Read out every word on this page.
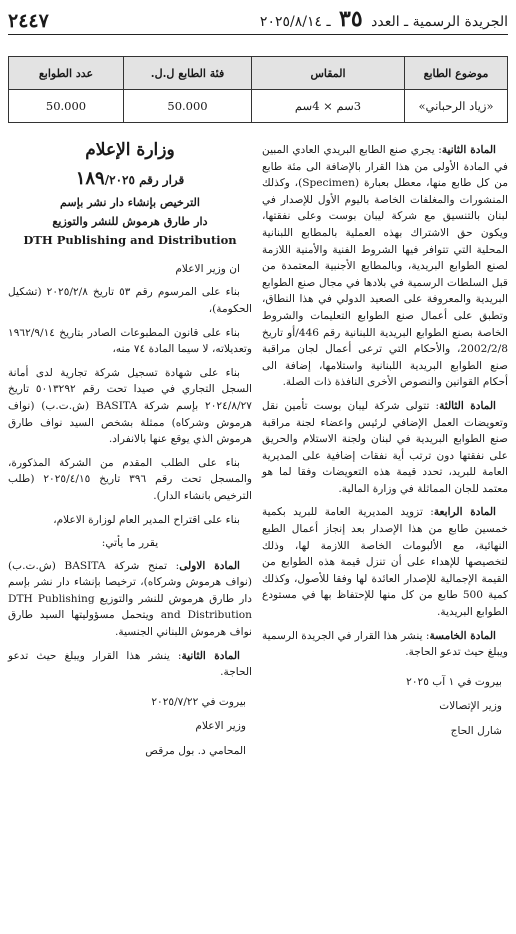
الجريدة الرسمية ـ العدد ٣٥ ـ ٢٠٢٥/٨/١٤
٢٤٤٧
موضوع الطابع	المقاس	فئة الطابع ل.ل.	عدد الطوابع
«زياد الرحباني»	3سم × 4سم	50.000	50.000

المادة الثانية: يجري صنع الطابع البريدي العادي المبين في المادة الأولى من هذا القرار بالإضافة الى مئة طابع من كل طابع منها، معطل بعبارة (Specimen)، وكذلك المنشورات والمغلفات الخاصة باليوم الأول للإصدار في لبنان بالتنسيق مع شركة ليبان بوست وعلى نفقتها، ويكون حق الاشتراك بهذه العملية بالمطابع اللبنانية المحلية التي تتوافر فيها الشروط الفنية والأمنية اللازمة لصنع الطوابع البريدية، وبالمطابع الأجنبية المعتمدة من قبل السلطات الرسمية في بلادها في مجال صنع الطوابع البريدية والمعروفة على الصعيد الدولي في هذا النطاق، وتطبق على أعمال صنع الطوابع التعليمات والشروط الخاصة بصنع الطوابع البريدية اللبنانية رقم 446/أو تاريخ 2002/2/8، والأحكام التي ترعى أعمال لجان مراقبة صنع الطوابع البريدية اللبنانية واستلامها، إضافة الى أحكام القوانين والنصوص الأخرى النافذة ذات الصلة.

المادة الثالثة: تتولى شركة ليبان بوست تأمين نقل وتعويضات العمل الإضافي لرئيس واعضاء لجنة مراقبة صنع الطوابع البريدية في لبنان ولجنة الاستلام والحريق على نفقتها دون ترتب أية نفقات إضافية على المديرية العامة للبريد، تحدد قيمة هذه التعويضات وفقا لما هو معتمد للجان المماثلة في وزارة المالية.

المادة الرابعة: تزويد المديرية العامة للبريد بكمية خمسين طابع من هذا الإصدار بعد إنجاز أعمال الطبع النهائية، مع الألبومات الخاصة اللازمة لها، وذلك لتخصيصها للإهداء على أن تنزل قيمة هذه الطوابع من القيمة الإجمالية للإصدار العائدة لها وفقا للأصول، وكذلك كمية 500 طابع من كل منها للإحتفاظ بها في مستودع الطوابع البريدية.

المادة الخامسة: ينشر هذا القرار في الجريدة الرسمية ويبلغ حيث تدعو الحاجة.

بيروت في ١ آب ٢٠٢٥
وزير الإتصالات
شارل الحاج
وزارة الإعلام
قرار رقم ١٨٩/٢٠٢٥
الترخيص بإنشاء دار نشر بإسم
دار طارق هرموش للنشر والتوزيع
DTH Publishing and Distribution

ان وزير الاعلام

بناء على المرسوم رقم ٥٣ تاريخ ٢٠٢٥/٢/٨ (تشكيل الحكومة)،

بناء على قانون المطبوعات الصادر بتاريخ ١٩٦٢/٩/١٤ وتعديلاته، لا سيما المادة ٧٤ منه،

بناء على شهادة تسجيل شركة تجارية لدى أمانة السجل التجاري في صيدا تحت رقم ٥٠١٣٢٩٢ تاريخ ٢٠٢٤/٨/٢٧ بإسم شركة BASITA (ش.ت.ب) (نواف هرموش وشركاه) ممثلة بشخص السيد نواف طارق هرموش الذي يوقع عنها بالانفراد.

بناء على الطلب المقدم من الشركة المذكورة، والمسجل تحت رقم ٣٩٦ تاريخ ٢٠٢٥/٤/١٥ (طلب الترخيص بانشاء الدار).

بناء على اقتراح المدير العام لوزارة الاعلام،

يقرر ما يأتي:

المادة الاولى: تمنح شركة BASITA (ش.ت.ب) (نواف هرموش وشركاه)، ترخيصا بإنشاء دار نشر بإسم دار طارق هرموش للنشر والتوزيع DTH Publishing and Distribution ويتحمل مسؤوليتها السيد طارق نواف هرموش اللبناني الجنسية.

المادة الثانية: ينشر هذا القرار ويبلغ حيث تدعو الحاجة.

بيروت في ٢٠٢٥/٧/٢٢
وزير الاعلام
المحامي د. بول مرقص
